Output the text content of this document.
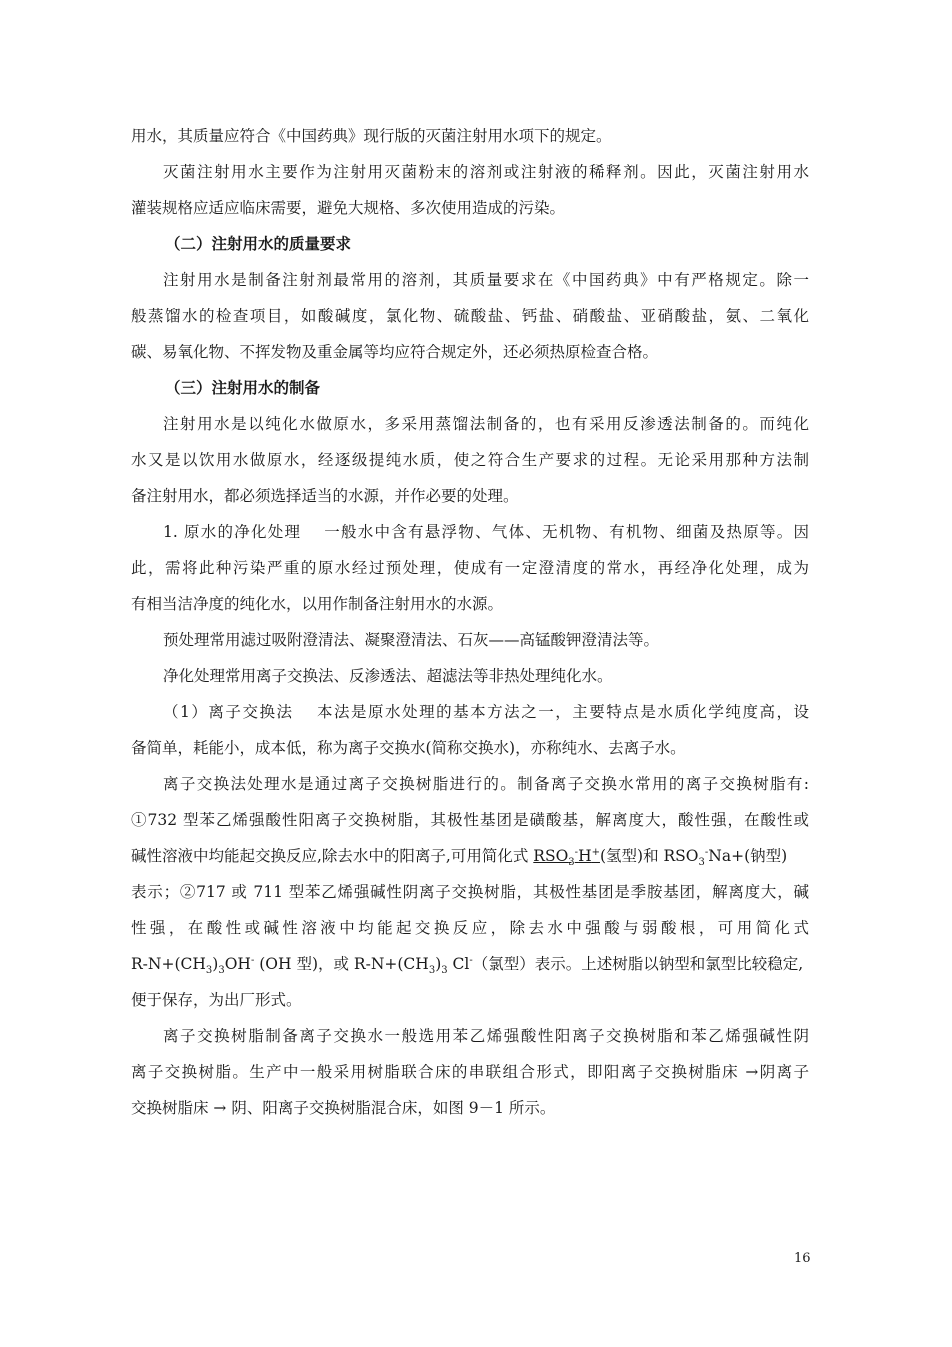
用水，其质量应符合《中国药典》现行版的灭菌注射用水项下的规定。
灭菌注射用水主要作为注射用灭菌粉末的溶剂或注射液的稀释剂。因此，灭菌注射用水
灌装规格应适应临床需要，避免大规格、多次使用造成的污染。
（二）注射用水的质量要求
注射用水是制备注射剂最常用的溶剂，其质量要求在《中国药典》中有严格规定。除一
般蒸馏水的检查项目，如酸碱度，氯化物、硫酸盐、钙盐、硝酸盐、亚硝酸盐，氨、二氧化
碳、易氧化物、不挥发物及重金属等均应符合规定外，还必须热原检查合格。
（三）注射用水的制备
注射用水是以纯化水做原水，多采用蒸馏法制备的，也有采用反渗透法制备的。而纯化
水又是以饮用水做原水，经逐级提纯水质，使之符合生产要求的过程。无论采用那种方法制
备注射用水，都必须选择适当的水源，并作必要的处理。
1. 原水的净化处理　 一般水中含有悬浮物、气体、无机物、有机物、细菌及热原等。因
此，需将此种污染严重的原水经过预处理，使成有一定澄清度的常水，再经净化处理，成为
有相当洁净度的纯化水，以用作制备注射用水的水源。
预处理常用滤过吸附澄清法、凝聚澄清法、石灰——高锰酸钾澄清法等。
净化处理常用离子交换法、反渗透法、超滤法等非热处理纯化水。
（1）离子交换法　 本法是原水处理的基本方法之一，主要特点是水质化学纯度高，设
备简单，耗能小，成本低，称为离子交换水(简称交换水)，亦称纯水、去离子水。
离子交换法处理水是通过离子交换树脂进行的。制备离子交换水常用的离子交换树脂有:
①732 型苯乙烯强酸性阳离子交换树脂，其极性基团是磺酸基，解离度大，酸性强，在酸性或
碱性溶液中均能起交换反应,除去水中的阳离子,可用简化式 $RSO_3^-H^+$(氢型)和 $RSO_3^-Na+$(钠型)
表示；②717 或 711 型苯乙烯强碱性阴离子交换树脂，其极性基团是季胺基团，解离度大，碱
性强，在酸性或碱性溶液中均能起交换反应，除去水中强酸与弱酸根，可用简化式
$R-N+(CH_3)_3OH^-$ (OH 型)，或 $R-N+(CH_3)_3$ Cl-（氯型）表示。上述树脂以钠型和氯型比较稳定,
便于保存，为出厂形式。
离子交换树脂制备离子交换水一般选用苯乙烯强酸性阳离子交换树脂和苯乙烯强碱性阴
离子交换树脂。生产中一般采用树脂联合床的串联组合形式，即阳离子交换树脂床 →阴离子
交换树脂床 → 阴、阳离子交换树脂混合床，如图 9－1 所示。
16
